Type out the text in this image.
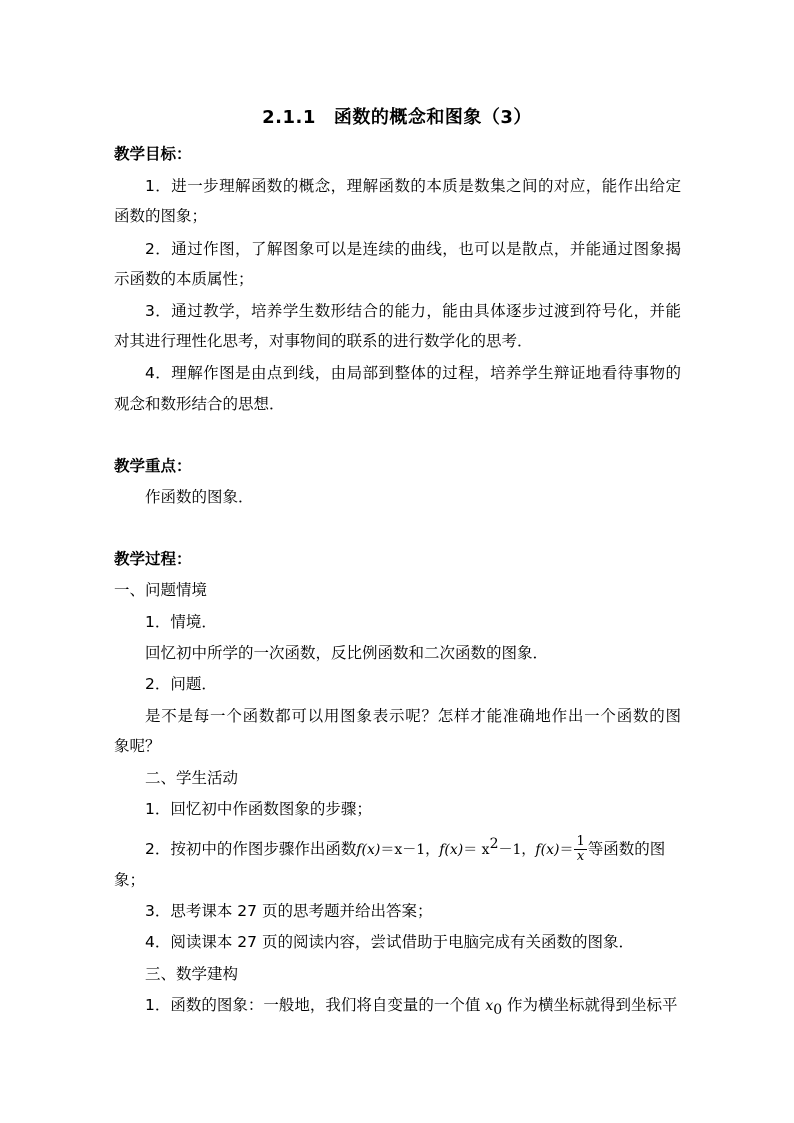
2.1.1 函数的概念和图象（3）
教学目标：
1．进一步理解函数的概念，理解函数的本质是数集之间的对应，能作出给定
函数的图象；
2．通过作图，了解图象可以是连续的曲线，也可以是散点，并能通过图象揭
示函数的本质属性；
3．通过教学，培养学生数形结合的能力，能由具体逐步过渡到符号化，并能
对其进行理性化思考，对事物间的联系的进行数学化的思考．
4．理解作图是由点到线，由局部到整体的过程，培养学生辩证地看待事物的
观念和数形结合的思想．
教学重点：
作函数的图象．
教学过程：
一、问题情境
1．情境．
回忆初中所学的一次函数，反比例函数和二次函数的图象．
2．问题．
是不是每一个函数都可以用图象表示呢？怎样才能准确地作出一个函数的图
象呢？
二、学生活动
1．回忆初中作函数图象的步骤；
2．按初中的作图步骤作出函数f(x)＝x－1，$f(x)= x^2-1$，$f(x)= \frac{1}{x}$ 等函数的图
象；
3．思考课本 27 页的思考题并给出答案；
4．阅读课本 27 页的阅读内容，尝试借助于电脑完成有关函数的图象．
三、数学建构
1．函数的图象：一般地，我们将自变量的一个值 $x_0$ 作为横坐标就得到坐标平
